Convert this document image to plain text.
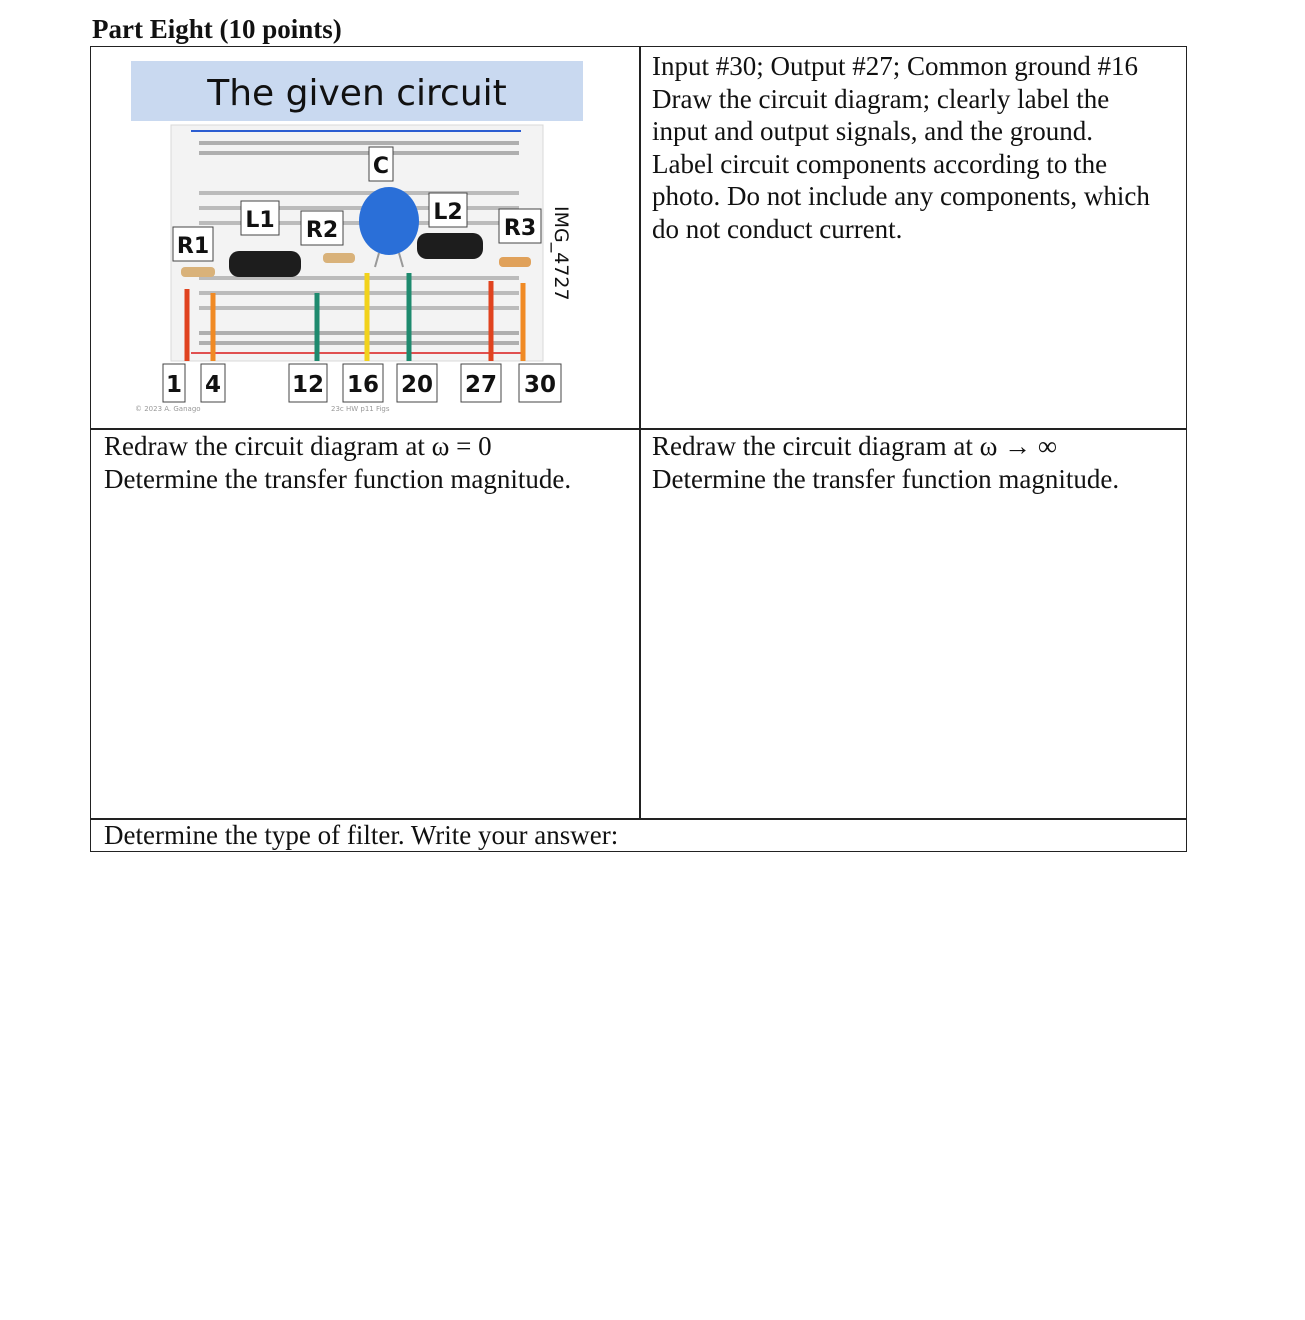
Part Eight (10 points)
The given circuit
R1
L1 R2
C
L2
R3 IMG_4727
1 4	12 16 20 27 30
© 2023 A. Ganago	23c HW p11 Figs
Input #30; Output #27; Common ground #16
Draw the circuit diagram; clearly label the
input and output signals, and the ground.
Label circuit components according to the
photo. Do not include any components, which
do not conduct current.
Redraw the circuit diagram at ω = 0
Determine the transfer function magnitude.
Redraw the circuit diagram at ω → ∞
Determine the transfer function magnitude.
Determine the type of filter. Write your answer:
